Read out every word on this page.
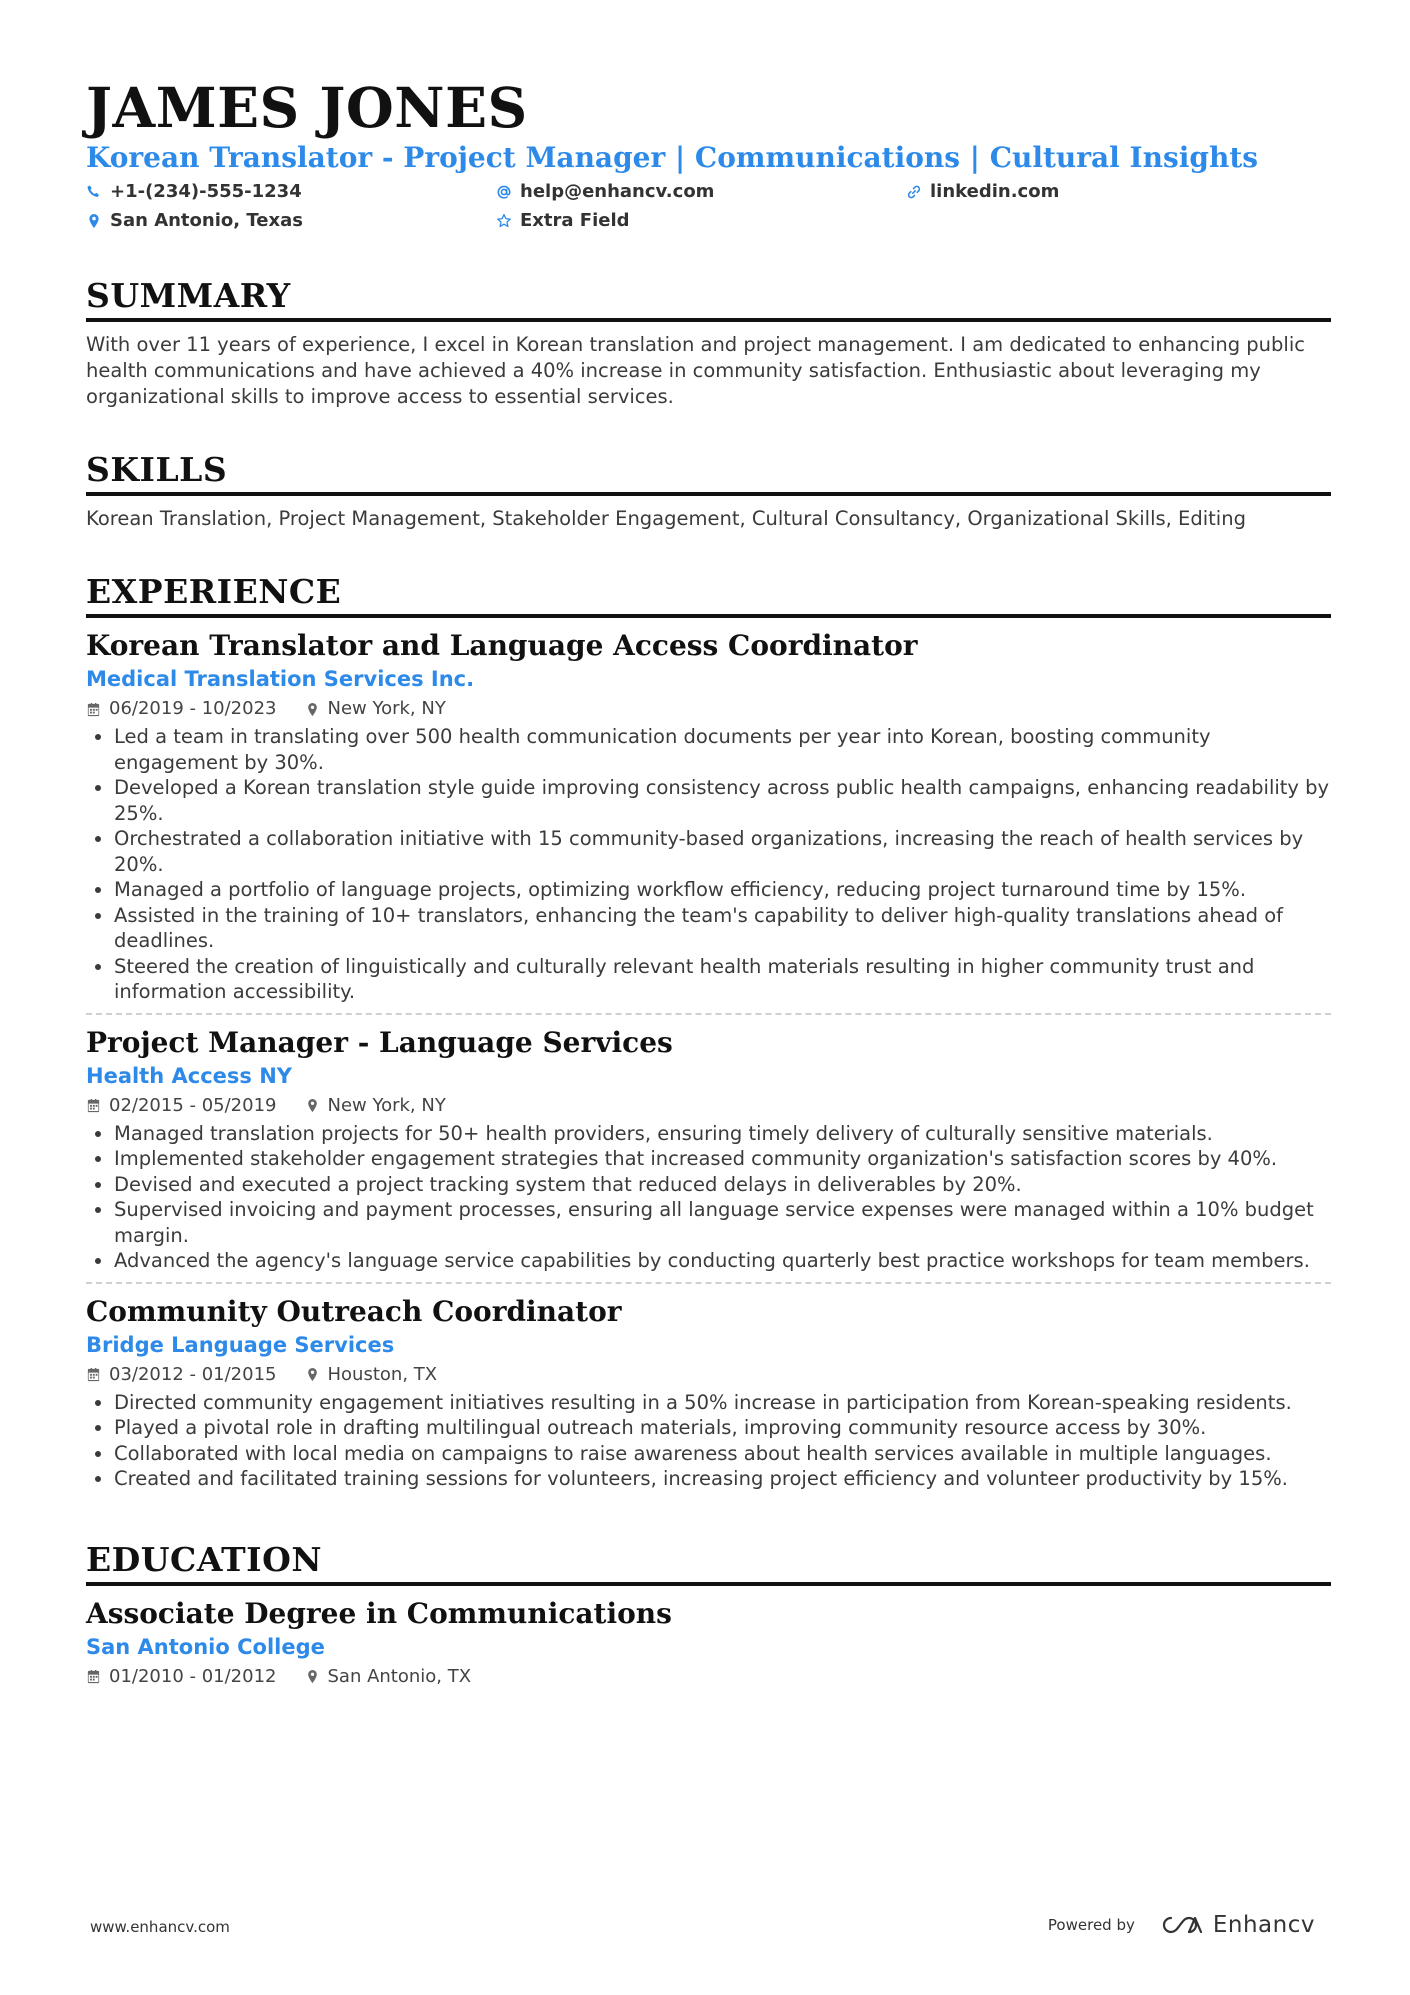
JAMES JONES
Korean Translator - Project Manager | Communications | Cultural Insights
+1-(234)-555-1234	help@enhancv.com	linkedin.com
San Antonio, Texas	Extra Field
SUMMARY

With over 11 years of experience, I excel in Korean translation and project management. I am dedicated to enhancing public health communications and have achieved a 40% increase in community satisfaction. Enthusiastic about leveraging my organizational skills to improve access to essential services.

SKILLS

Korean Translation, Project Management, Stakeholder Engagement, Cultural Consultancy, Organizational Skills, Editing

EXPERIENCE
Korean Translator and Language Access Coordinator
Medical Translation Services Inc.
06/2019 - 10/2023	New York, NY
• Led a team in translating over 500 health communication documents per year into Korean, boosting community engagement by 30%.
• Developed a Korean translation style guide improving consistency across public health campaigns, enhancing readability by 25%.
• Orchestrated a collaboration initiative with 15 community-based organizations, increasing the reach of health services by 20%.
• Managed a portfolio of language projects, optimizing workflow efficiency, reducing project turnaround time by 15%.
• Assisted in the training of 10+ translators, enhancing the team's capability to deliver high-quality translations ahead of deadlines.
• Steered the creation of linguistically and culturally relevant health materials resulting in higher community trust and information accessibility.
Project Manager - Language Services
Health Access NY
02/2015 - 05/2019	New York, NY
• Managed translation projects for 50+ health providers, ensuring timely delivery of culturally sensitive materials.
• Implemented stakeholder engagement strategies that increased community organization's satisfaction scores by 40%.
• Devised and executed a project tracking system that reduced delays in deliverables by 20%.
• Supervised invoicing and payment processes, ensuring all language service expenses were managed within a 10% budget margin.
• Advanced the agency's language service capabilities by conducting quarterly best practice workshops for team members.
Community Outreach Coordinator
Bridge Language Services
03/2012 - 01/2015	Houston, TX
• Directed community engagement initiatives resulting in a 50% increase in participation from Korean-speaking residents.
• Played a pivotal role in drafting multilingual outreach materials, improving community resource access by 30%.
• Collaborated with local media on campaigns to raise awareness about health services available in multiple languages.
• Created and facilitated training sessions for volunteers, increasing project efficiency and volunteer productivity by 15%.
EDUCATION
Associate Degree in Communications
San Antonio College
01/2010 - 01/2012	San Antonio, TX
www.enhancv.com	Powered by	Enhancv
